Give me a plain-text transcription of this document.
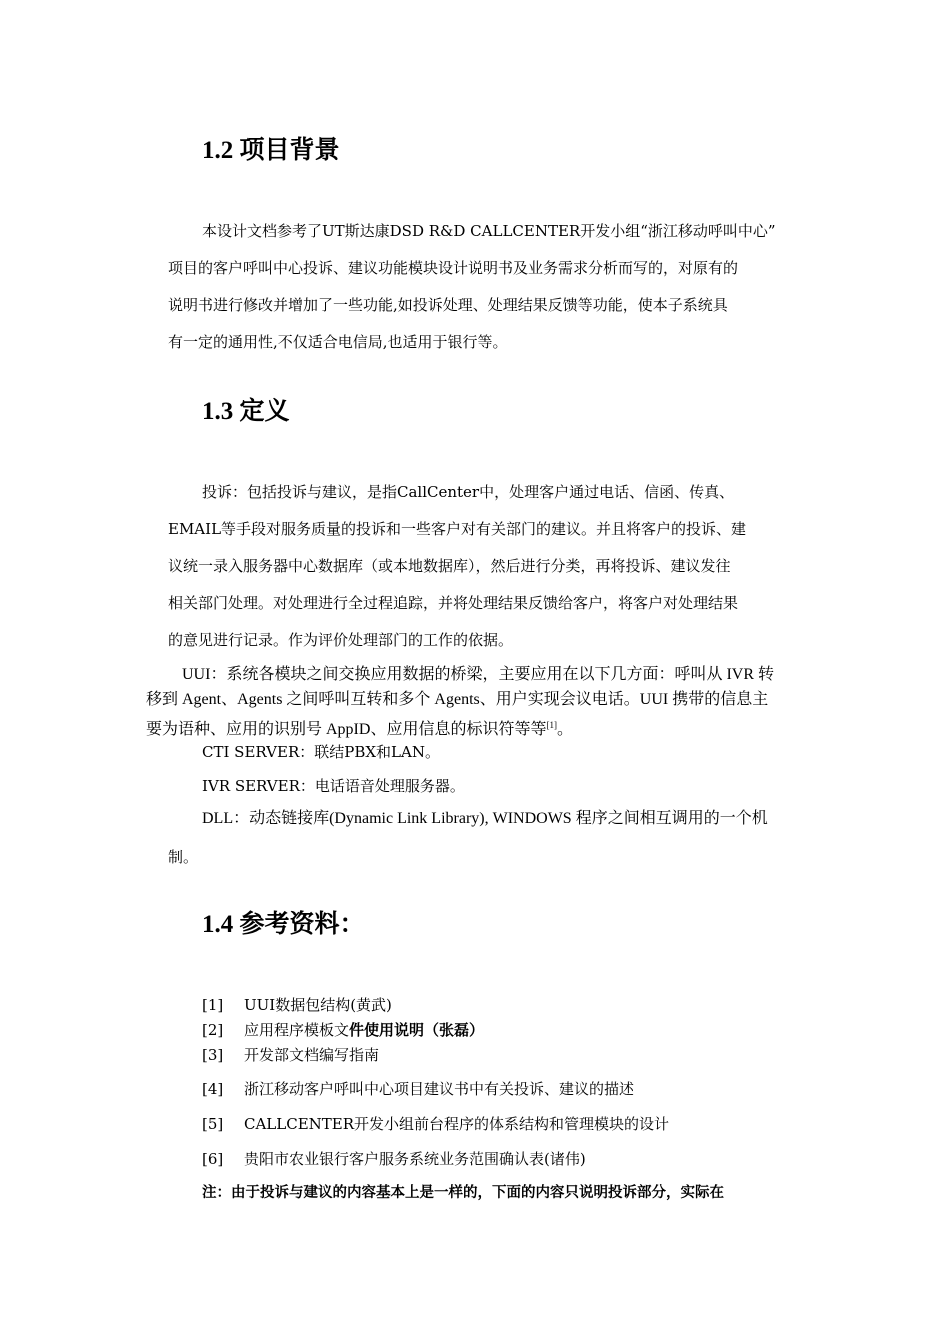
1.2 项目背景
本设计文档参考了UT斯达康DSD R&D CALLCENTER开发小组“浙江移动呼叫中心”
项目的客户呼叫中心投诉、建议功能模块设计说明书及业务需求分析而写的，对原有的
说明书进行修改并增加了一些功能,如投诉处理、处理结果反馈等功能，使本子系统具
有一定的通用性,不仅适合电信局,也适用于银行等。
1.3 定义
投诉：包括投诉与建议，是指CallCenter中，处理客户通过电话、信函、传真、
EMAIL等手段对服务质量的投诉和一些客户对有关部门的建议。并且将客户的投诉、建
议统一录入服务器中心数据库（或本地数据库），然后进行分类，再将投诉、建议发往
相关部门处理。对处理进行全过程追踪，并将处理结果反馈给客户，将客户对处理结果
的意见进行记录。作为评价处理部门的工作的依据。
UUI：系统各模块之间交换应用数据的桥梁，主要应用在以下几方面：呼叫从 IVR 转
移到 Agent、Agents 之间呼叫互转和多个 Agents、用户实现会议电话。UUI 携带的信息主
要为语种、应用的识别号 AppID、应用信息的标识符等等[1]。
CTI SERVER：联结PBX和LAN。
IVR SERVER：电话语音处理服务器。
DLL：动态链接库(Dynamic Link Library), WINDOWS 程序之间相互调用的一个机
制。
1.4 参考资料：
[1] UUI数据包结构(黄武)
[2] 应用程序模板文件使用说明（张磊）
[3] 开发部文档编写指南
[4] 浙江移动客户呼叫中心项目建议书中有关投诉、建议的描述
[5] CALLCENTER开发小组前台程序的体系结构和管理模块的设计
[6] 贵阳市农业银行客户服务系统业务范围确认表(诸伟)
注：由于投诉与建议的内容基本上是一样的，下面的内容只说明投诉部分，实际在
